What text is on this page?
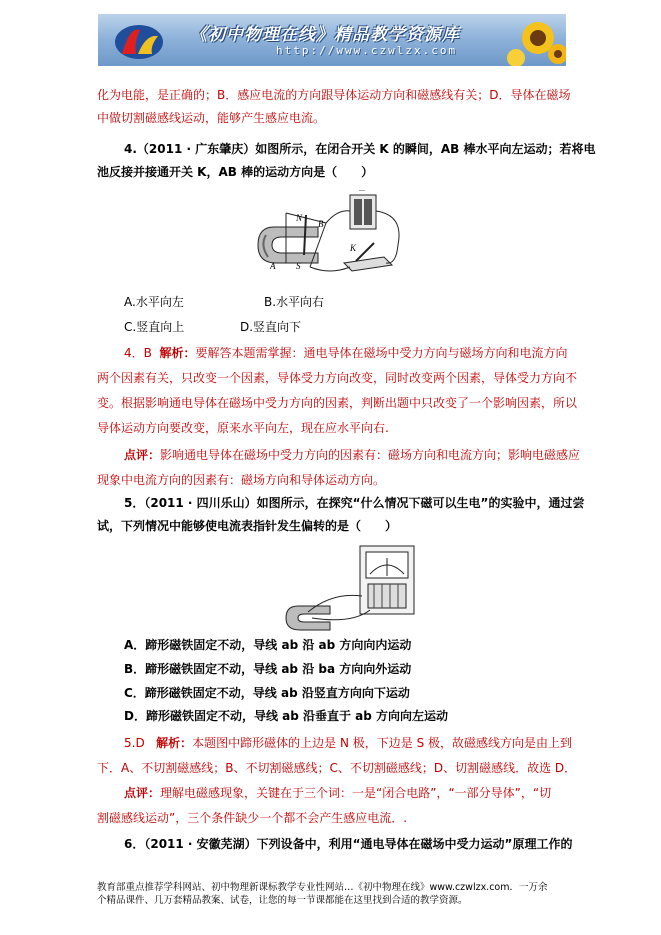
《初中物理在线》精品教学资源库
http://www.czwlzx.com
化为电能，是正确的；B．感应电流的方向跟导体运动方向和磁感线有关；D．导体在磁场
中做切割磁感线运动，能够产生感应电流。
4.（2011 · 广东肇庆）如图所示，在闭合开关 K 的瞬间，AB 棒水平向左运动；若将电
池反接并接通开关 K，AB 棒的运动方向是（　　）
N
B
A S
K
－
A.水平向左	B.水平向右
C.竖直向上	D.竖直向下
4．B 解析：要解答本题需掌握：通电导体在磁场中受力方向与磁场方向和电流方向
两个因素有关，只改变一个因素，导体受力方向改变，同时改变两个因素，导体受力方向不
变。根据影响通电导体在磁场中受力方向的因素，判断出题中只改变了一个影响因素，所以
导体运动方向要改变，原来水平向左，现在应水平向右.
点评：影响通电导体在磁场中受力方向的因素有：磁场方向和电流方向；影响电磁感应
现象中电流方向的因素有：磁场方向和导体运动方向。
5．（2011 · 四川乐山）如图所示，在探究“什么情况下磁可以生电”的实验中，通过尝
试，下列情况中能够使电流表指针发生偏转的是（　　）
A．蹄形磁铁固定不动，导线 ab 沿 ab 方向向内运动
B．蹄形磁铁固定不动，导线 ab 沿 ba 方向向外运动
C．蹄形磁铁固定不动，导线 ab 沿竖直方向向下运动
D．蹄形磁铁固定不动，导线 ab 沿垂直于 ab 方向向左运动
5.D 解析：本题图中蹄形磁体的上边是 N 极，下边是 S 极，故磁感线方向是由上到
下．A、不切割磁感线；B、不切割磁感线；C、不切割磁感线；D、切割磁感线．故选 D．
点评：理解电磁感现象，关键在于三个词：一是“闭合电路”，“一部分导体”，“切
割磁感线运动”，三个条件缺少一个都不会产生感应电流．.
6．（2011 · 安徽芜湖）下列设备中，利用“通电导体在磁场中受力运动”原理工作的
教育部重点推荐学科网站、初中物理新课标教学专业性网站…《初中物理在线》www.czwlzx.com．一万余
个精品课件、几万套精品教案、试卷，让您的每一节课都能在这里找到合适的教学资源。
